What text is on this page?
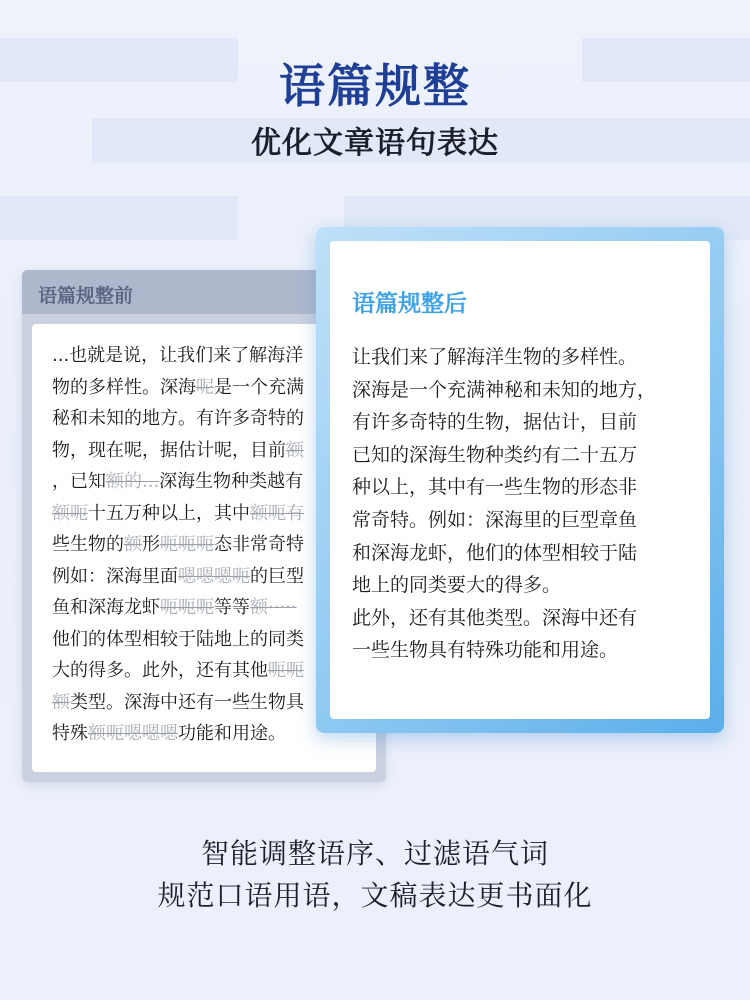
语篇规整
优化文章语句表达
语篇规整前
...也就是说，让我们来了解海洋
物的多样性。深海呢是一个充满
秘和未知的地方。有许多奇特的
物，现在呢，据估计呢，目前额
，已知额的...深海生物种类越有
额呃十五万种以上，其中额呃有
些生物的额形呃呃呃态非常奇特
例如：深海里面嗯嗯嗯呃的巨型
鱼和深海龙虾呃呃呃等等额·····
他们的体型相较于陆地上的同类
大的得多。此外，还有其他呃呃
额类型。深海中还有一些生物具
特殊额呃嗯嗯嗯功能和用途。
语篇规整后
让我们来了解海洋生物的多样性。
深海是一个充满神秘和未知的地方，
有许多奇特的生物，据估计，目前
已知的深海生物种类约有二十五万
种以上，其中有一些生物的形态非
常奇特。例如：深海里的巨型章鱼
和深海龙虾，他们的体型相较于陆
地上的同类要大的得多。
此外，还有其他类型。深海中还有
一些生物具有特殊功能和用途。
智能调整语序、过滤语气词
规范口语用语，文稿表达更书面化
